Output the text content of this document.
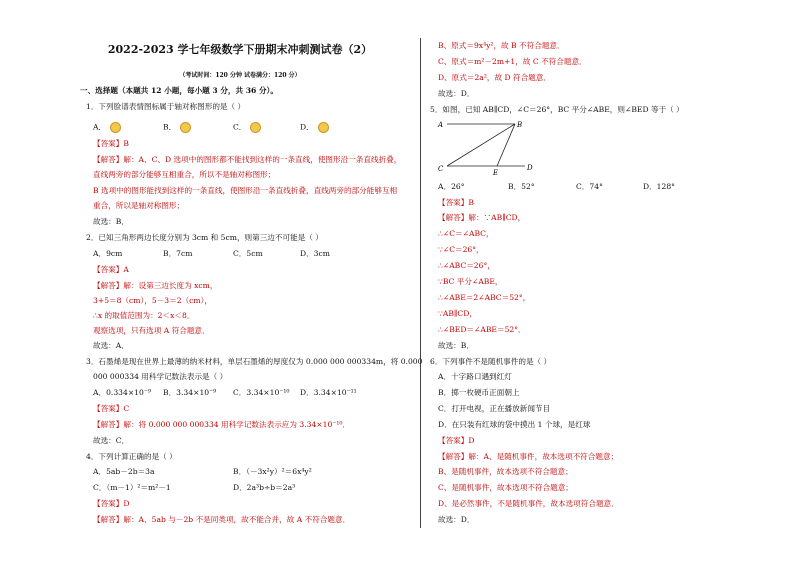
2022-2023 学七年级数学下册期末冲刺测试卷（2）
（考试时间：120 分钟 试卷满分：120 分）
一、选择题（本题共 12 小题，每小题 3 分，共 36 分）。
1．下列脸谱表情图标属于轴对称图形的是（ ）
A．	B．	C．	D．
【答案】B
【解答】解：A、C、D 选项中的图形都不能找到这样的一条直线，使图形沿一条直线折叠，
直线两旁的部分能够互相重合，所以不是轴对称图形；
B 选项中的图形能找到这样的一条直线，使图形沿一条直线折叠，直线两旁的部分能够互相
重合，所以是轴对称图形；
故选：B．
2．已知三角形两边长度分别为 3cm 和 5cm，则第三边不可能是（ ）
A．9cm	B．7cm	C．5cm	D．3cm
【答案】A
【解答】解：设第三边长度为 xcm，
3+5＝8（cm），5－3＝2（cm），
∴x 的取值范围为：2＜x＜8．
观察选项，只有选项 A 符合题意．
故选：A．
3．石墨烯是现在世界上最薄的纳米材料，单层石墨烯的厚度仅为 0.000 000 000334m，将 0.000
000 000334 用科学记数法表示是（ ）
A．0.334×10⁻⁹ B．3.34×10⁻⁹ C．3.34×10⁻¹⁰ D．3.34×10⁻¹¹
【答案】C
【解答】解：将 0.000 000 000334 用科学记数法表示应为 3.34×10⁻¹⁰．
故选：C．
4．下列计算正确的是（ ）
A．5ab－2b＝3a	B．（－3x²y）²＝6x⁴y²
C．（m－1）²＝m²－1	D．2a³b÷b＝2a³
【答案】D
【解答】解：A、5ab 与－2b 不是同类项，故不能合并，故 A 不符合题意．
B、原式＝9x⁴y²，故 B 不符合题意．
C、原式＝m²－2m+1，故 C 不符合题意．
D、原式＝2a²，故 D 符合题意．
故选：D．
5．如图，已知 AB∥CD，∠C＝26°，BC 平分∠ABE，则∠BED 等于（ ）
A	B
C	E
D
A．26°	B．52°	C．74°	D．128°
【答案】B
【解答】解：∵AB∥CD，
∴∠C＝∠ABC，
∵∠C＝26°，
∴∠ABC＝26°，
∵BC 平分∠ABE，
∴∠ABE＝2∠ABC＝52°，
∵AB∥CD，
∴∠BED＝∠ABE＝52°．
故选：B．
6．下列事件不是随机事件的是（ ）
A．十字路口遇到红灯
B．掷一枚硬币正面朝上
C．打开电视，正在播放新闻节目
D．在只装有红球的袋中摸出 1 个球，是红球
【答案】D
【解答】解：A、是随机事件，故本选项不符合题意；
B、是随机事件，故本选项不符合题意；
C、是随机事件，故本选项不符合题意；
D、是必然事件，不是随机事件，故本选项符合题意．
故选：D．
